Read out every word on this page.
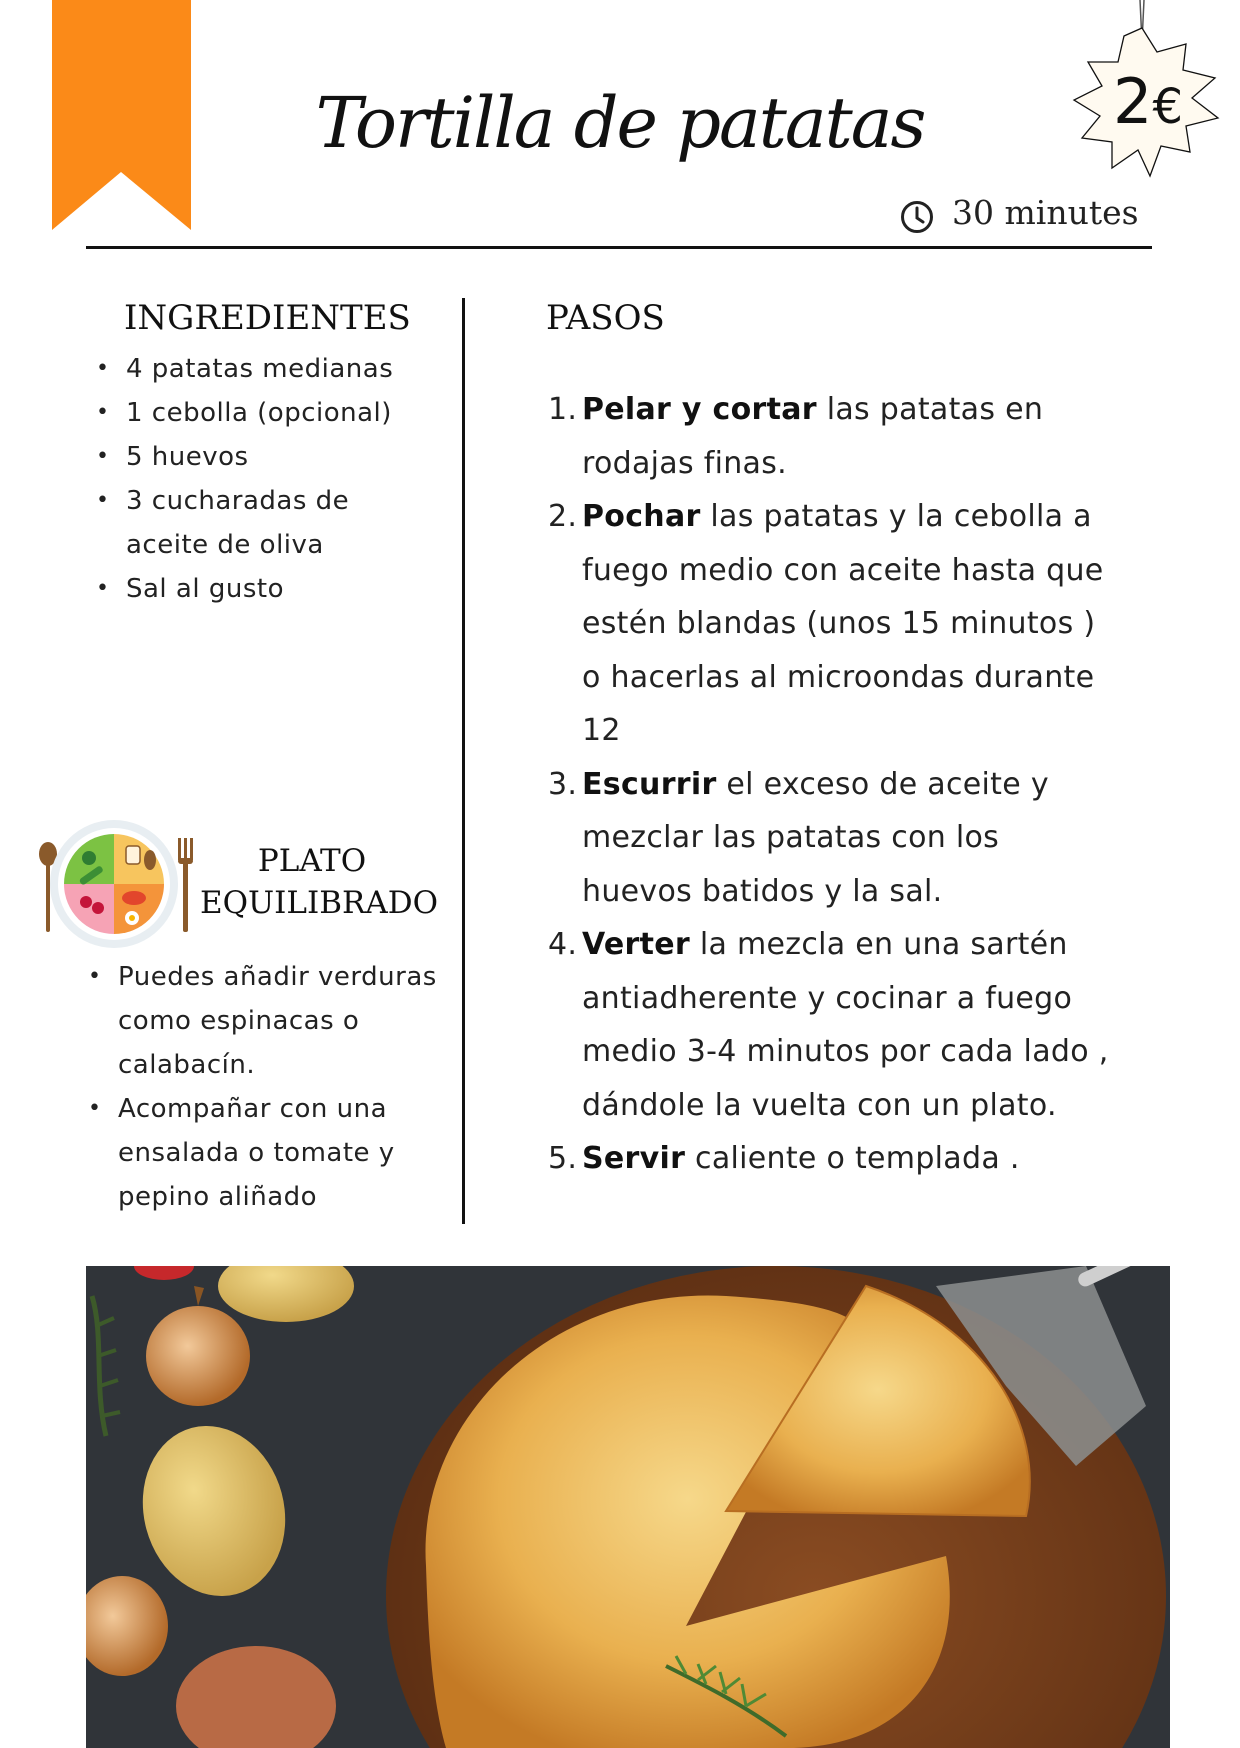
Tortilla de patatas	2€
30 minutes
INGREDIENTES
• 4 patatas medianas
• 1 cebolla (opcional)
• 5 huevos
• 3 cucharadas de aceite de oliva
• Sal al gusto
PASOS
1. Pelar y cortar las patatas en rodajas finas.
2. Pochar las patatas y la cebolla a fuego medio con aceite hasta que estén blandas (unos 15 minutos ) o hacerlas al microondas durante 12
3. Escurrir el exceso de aceite y mezclar las patatas con los huevos batidos y la sal.
4. Verter la mezcla en una sartén antiadherente y cocinar a fuego medio 3-4 minutos por cada lado , dándole la vuelta con un plato.
5. Servir caliente o templada .
PLATO
EQUILIBRADO
• Puedes añadir verduras como espinacas o calabacín.
• Acompañar con una ensalada o tomate y pepino aliñado
